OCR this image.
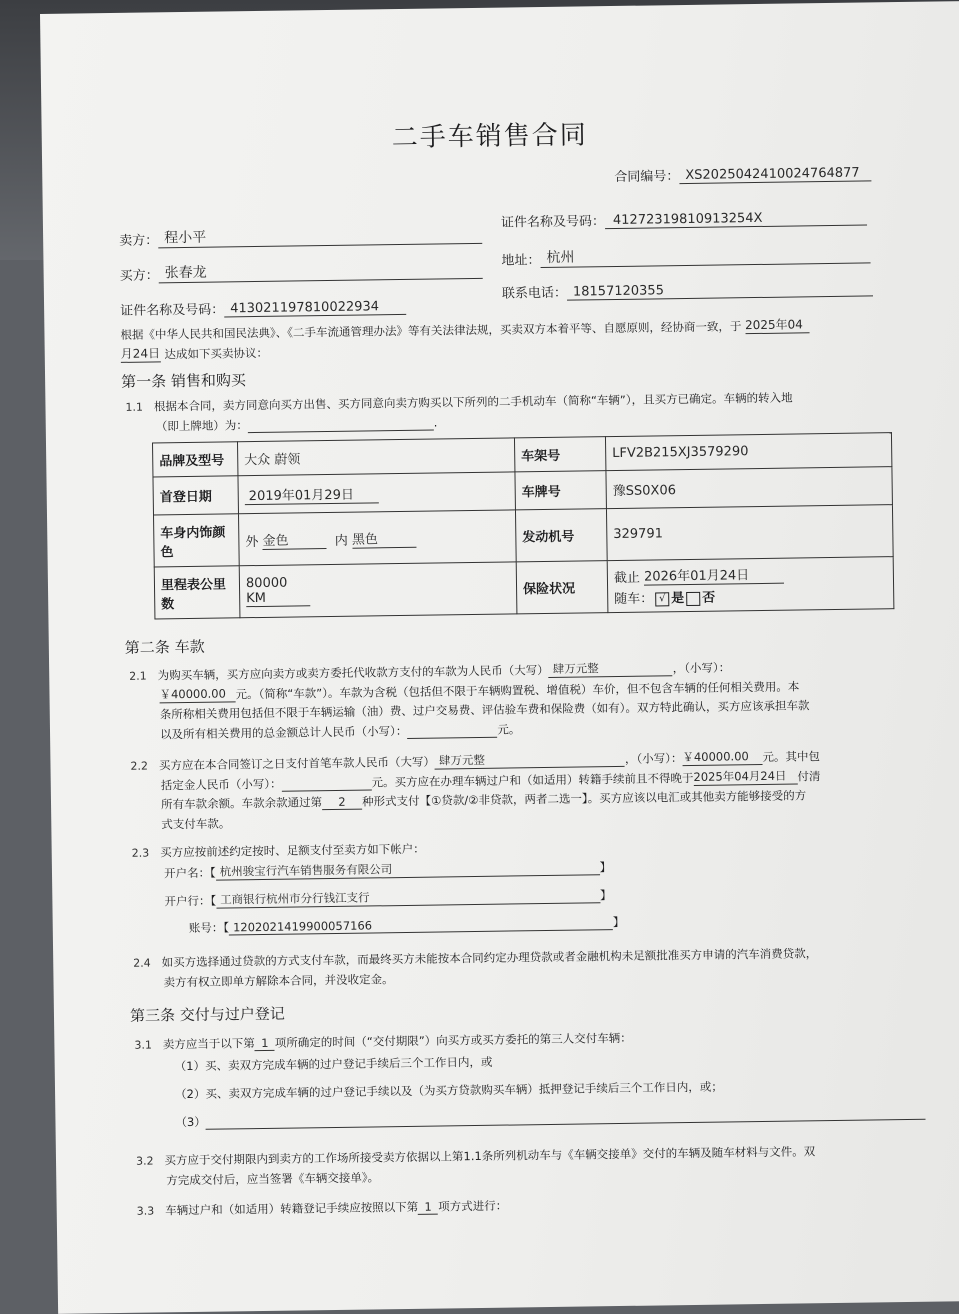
二手车销售合同
合同编号： XS2025042410024764877
卖方： 程小平
证件名称及号码： 41272319810913254X
买方： 张春龙
地址： 杭州
证件名称及号码： 413021197810022934
联系电话： 18157120355
根据《中华人民共和国民法典》、《二手车流通管理办法》等有关法律法规，买卖双方本着平等、自愿原则，经协商一致，于 2025年04
月24日 达成如下买卖协议：
第一条 销售和购买
1.1 根据本合同，卖方同意向买方出售、买方同意向卖方购买以下所列的二手机动车（简称“车辆”），且买方已确定。车辆的转入地
（即上牌地）为：	.
品牌及型号	大众 蔚领	车架号	LFV2B215XJ3579290
首登日期	2019年01月29日	车牌号	豫SS0X06
车身内饰颜色	外 金色 内 黑色	发动机号	329791
里程表公里数	80000 KM	保险状况	截止 2026年01月24日
随车： √ 是 否
第二条 车款
2.1 为购买车辆，买方应向卖方或卖方委托代收款方支付的车款为人民币（大写） 肆万元整	，（小写）：
￥40000.00 元。（简称“车款”）。车款为含税（包括但不限于车辆购置税、增值税）车价，但不包含车辆的任何相关费用。本
条所称相关费用包括但不限于车辆运输（油）费、过户交易费、评估验车费和保险费（如有）。双方特此确认，买方应该承担车款
以及所有相关费用的总金额总计人民币（小写）：	元。
2.2 买方应在本合同签订之日支付首笔车款人民币（大写） 肆万元整	，（小写）：￥40000.00 元。其中包
括定金人民币（小写）：	元。买方应在办理车辆过户和（如适用）转籍手续前且不得晚于2025年04月24日 付清
所有车款余额。车款余款通过第 2 种形式支付【①贷款/②非贷款，两者二选一】。买方应该以电汇或其他卖方能够接受的方
式支付车款。
2.3 买方应按前述约定按时、足额支付至卖方如下帐户：
开户名：【 杭州骏宝行汽车销售服务有限公司	】
开户行：【 工商银行杭州市分行钱江支行	】
账号：【 1202021419900057166	】
2.4 如买方选择通过贷款的方式支付车款，而最终买方未能按本合同约定办理贷款或者金融机构未足额批准买方申请的汽车消费贷款，
卖方有权立即单方解除本合同，并没收定金。
第三条 交付与过户登记
3.1 卖方应当于以下第 1 项所确定的时间（“交付期限”）向买方或买方委托的第三人交付车辆：
（1）买、卖双方完成车辆的过户登记手续后三个工作日内，或
（2）买、卖双方完成车辆的过户登记手续以及（为买方贷款购买车辆）抵押登记手续后三个工作日内，或；
（3）
3.2 买方应于交付期限内到卖方的工作场所接受卖方依据以上第1.1条所列机动车与《车辆交接单》交付的车辆及随车材料与文件。双
方完成交付后，应当签署《车辆交接单》。
3.3 车辆过户和（如适用）转籍登记手续应按照以下第 1 项方式进行：
